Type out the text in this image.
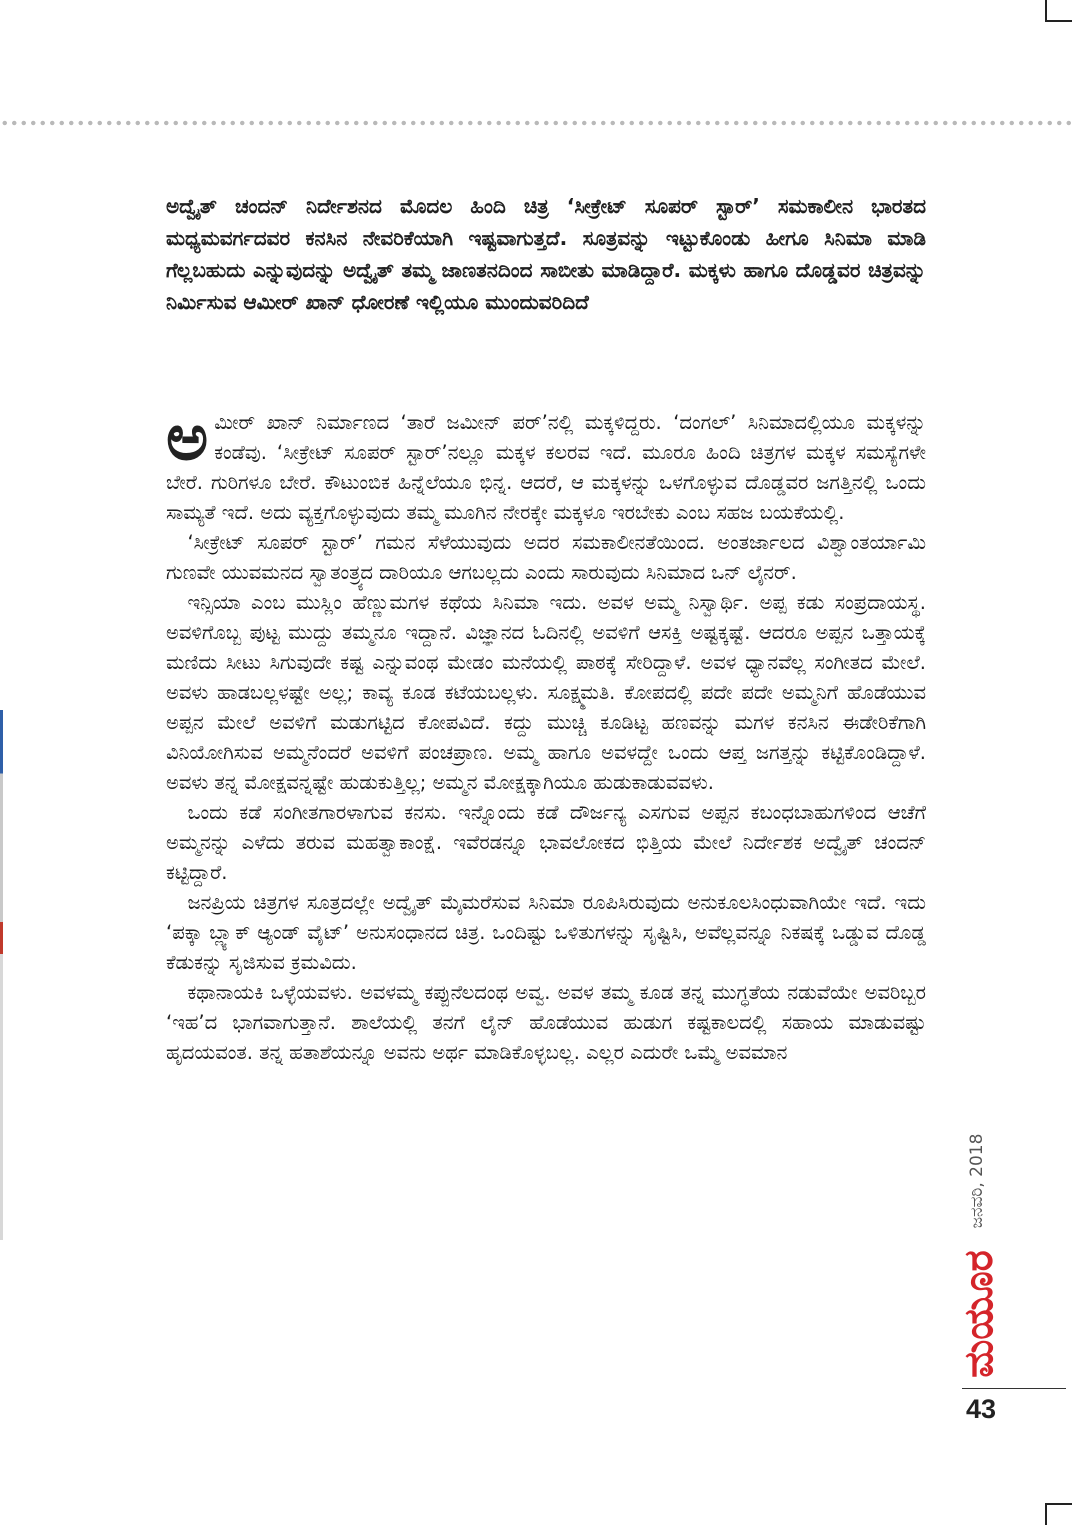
ಅದ್ವೈತ್ ಚಂದನ್ ನಿರ್ದೇಶನದ ಮೊದಲ ಹಿಂದಿ ಚಿತ್ರ ‘ಸೀಕ್ರೇಟ್ ಸೂಪರ್ ಸ್ಟಾರ್’ ಸಮಕಾಲೀನ ಭಾರತದ ಮಧ್ಯಮವರ್ಗದವರ ಕನಸಿನ ನೇವರಿಕೆಯಾಗಿ ಇಷ್ಟವಾಗುತ್ತದೆ. ಸೂತ್ರವನ್ನು ಇಟ್ಟುಕೊಂಡು ಹೀಗೂ ಸಿನಿಮಾ ಮಾಡಿ ಗೆಲ್ಲಬಹುದು ಎನ್ನುವುದನ್ನು ಅದ್ವೈತ್ ತಮ್ಮ ಜಾಣತನದಿಂದ ಸಾಬೀತು ಮಾಡಿದ್ದಾರೆ. ಮಕ್ಕಳು ಹಾಗೂ ದೊಡ್ಡವರ ಚಿತ್ರವನ್ನು ನಿರ್ಮಿಸುವ ಆಮೀರ್ ಖಾನ್ ಧೋರಣೆ ಇಲ್ಲಿಯೂ ಮುಂದುವರಿದಿದೆ

ಅಮೀರ್ ಖಾನ್ ನಿರ್ಮಾಣದ ‘ತಾರೆ ಜಮೀನ್ ಪರ್’ನಲ್ಲಿ ಮಕ್ಕಳಿದ್ದರು. ‘ದಂಗಲ್’ ಸಿನಿಮಾದಲ್ಲಿಯೂ ಮಕ್ಕಳನ್ನು ಕಂಡೆವು. ‘ಸೀಕ್ರೇಟ್ ಸೂಪರ್ ಸ್ಟಾರ್’ನಲ್ಲೂ ಮಕ್ಕಳ ಕಲರವ ಇದೆ. ಮೂರೂ ಹಿಂದಿ ಚಿತ್ರಗಳ ಮಕ್ಕಳ ಸಮಸ್ಯೆಗಳೇ ಬೇರೆ. ಗುರಿಗಳೂ ಬೇರೆ. ಕೌಟುಂಬಿಕ ಹಿನ್ನೆಲೆಯೂ ಭಿನ್ನ. ಆದರೆ, ಆ ಮಕ್ಕಳನ್ನು ಒಳಗೊಳ್ಳುವ ದೊಡ್ಡವರ ಜಗತ್ತಿನಲ್ಲಿ ಒಂದು ಸಾಮ್ಯತೆ ಇದೆ. ಅದು ವ್ಯಕ್ತಗೊಳ್ಳುವುದು ತಮ್ಮ ಮೂಗಿನ ನೇರಕ್ಕೇ ಮಕ್ಕಳೂ ಇರಬೇಕು ಎಂಬ ಸಹಜ ಬಯಕೆಯಲ್ಲಿ.

‘ಸೀಕ್ರೇಟ್ ಸೂಪರ್ ಸ್ಟಾರ್’ ಗಮನ ಸೆಳೆಯುವುದು ಅದರ ಸಮಕಾಲೀನತೆಯಿಂದ. ಅಂತರ್ಜಾಲದ ವಿಶ್ವಾಂತರ್ಯಾಮಿ ಗುಣವೇ ಯುವಮನದ ಸ್ವಾತಂತ್ರ್ಯದ ದಾರಿಯೂ ಆಗಬಲ್ಲದು ಎಂದು ಸಾರುವುದು ಸಿನಿಮಾದ ಒನ್ ಲೈನರ್.

ಇನ್ಸಿಯಾ ಎಂಬ ಮುಸ್ಲಿಂ ಹೆಣ್ಣುಮಗಳ ಕಥೆಯ ಸಿನಿಮಾ ಇದು. ಅವಳ ಅಮ್ಮ ನಿಸ್ವಾರ್ಥಿ. ಅಪ್ಪ ಕಡು ಸಂಪ್ರದಾಯಸ್ಥ. ಅವಳಿಗೊಬ್ಬ ಪುಟ್ಟ ಮುದ್ದು ತಮ್ಮನೂ ಇದ್ದಾನೆ. ವಿಜ್ಞಾನದ ಓದಿನಲ್ಲಿ ಅವಳಿಗೆ ಆಸಕ್ತಿ ಅಷ್ಟಕ್ಕಷ್ಟೆ. ಆದರೂ ಅಪ್ಪನ ಒತ್ತಾಯಕ್ಕೆ ಮಣಿದು ಸೀಟು ಸಿಗುವುದೇ ಕಷ್ಟ ಎನ್ನುವಂಥ ಮೇಡಂ ಮನೆಯಲ್ಲಿ ಪಾಠಕ್ಕೆ ಸೇರಿದ್ದಾಳೆ. ಅವಳ ಧ್ಯಾನವೆಲ್ಲ ಸಂಗೀತದ ಮೇಲೆ. ಅವಳು ಹಾಡಬಲ್ಲಳಷ್ಟೇ ಅಲ್ಲ; ಕಾವ್ಯ ಕೂಡ ಕಟೆಯಬಲ್ಲಳು. ಸೂಕ್ಷ್ಮಮತಿ. ಕೋಪದಲ್ಲಿ ಪದೇ ಪದೇ ಅಮ್ಮನಿಗೆ ಹೊಡೆಯುವ ಅಪ್ಪನ ಮೇಲೆ ಅವಳಿಗೆ ಮಡುಗಟ್ಟಿದ ಕೋಪವಿದೆ. ಕದ್ದು ಮುಚ್ಚಿ ಕೂಡಿಟ್ಟ ಹಣವನ್ನು ಮಗಳ ಕನಸಿನ ಈಡೇರಿಕೆಗಾಗಿ ವಿನಿಯೋಗಿಸುವ ಅಮ್ಮನೆಂದರೆ ಅವಳಿಗೆ ಪಂಚಪ್ರಾಣ. ಅಮ್ಮ ಹಾಗೂ ಅವಳದ್ದೇ ಒಂದು ಆಪ್ತ ಜಗತ್ತನ್ನು ಕಟ್ಟಿಕೊಂಡಿದ್ದಾಳೆ. ಅವಳು ತನ್ನ ಮೋಕ್ಷವನ್ನಷ್ಟೇ ಹುಡುಕುತ್ತಿಲ್ಲ; ಅಮ್ಮನ ಮೋಕ್ಷಕ್ಕಾಗಿಯೂ ಹುಡುಕಾಡುವವಳು.

ಒಂದು ಕಡೆ ಸಂಗೀತಗಾರಳಾಗುವ ಕನಸು. ಇನ್ನೊಂದು ಕಡೆ ದೌರ್ಜನ್ಯ ಎಸಗುವ ಅಪ್ಪನ ಕಬಂಧಬಾಹುಗಳಿಂದ ಆಚೆಗೆ ಅಮ್ಮನನ್ನು ಎಳೆದು ತರುವ ಮಹತ್ವಾಕಾಂಕ್ಷೆ. ಇವೆರಡನ್ನೂ ಭಾವಲೋಕದ ಭಿತ್ತಿಯ ಮೇಲೆ ನಿರ್ದೇಶಕ ಅದ್ವೈತ್ ಚಂದನ್ ಕಟ್ಟಿದ್ದಾರೆ.

ಜನಪ್ರಿಯ ಚಿತ್ರಗಳ ಸೂತ್ರದಲ್ಲೇ ಅದ್ವೈತ್ ಮೈಮರೆಸುವ ಸಿನಿಮಾ ರೂಪಿಸಿರುವುದು ಅನುಕೂಲಸಿಂಧುವಾಗಿಯೇ ಇದೆ. ಇದು ‘ಪಕ್ಕಾ ಬ್ಲ್ಯಾಕ್ ಆ್ಯಂಡ್ ವೈಟ್’ ಅನುಸಂಧಾನದ ಚಿತ್ರ. ಒಂದಿಷ್ಟು ಒಳಿತುಗಳನ್ನು ಸೃಷ್ಟಿಸಿ, ಅವೆಲ್ಲವನ್ನೂ ನಿಕಷಕ್ಕೆ ಒಡ್ಡುವ ದೊಡ್ಡ ಕೆಡುಕನ್ನು ಸೃಜಿಸುವ ಕ್ರಮವಿದು.

ಕಥಾನಾಯಕಿ ಒಳ್ಳೆಯವಳು. ಅವಳಮ್ಮ ಕಪ್ಪುನೆಲದಂಥ ಅವ್ವ. ಅವಳ ತಮ್ಮ ಕೂಡ ತನ್ನ ಮುಗ್ಧತೆಯ ನಡುವೆಯೇ ಅವರಿಬ್ಬರ ‘ಇಹ’ದ ಭಾಗವಾಗುತ್ತಾನೆ. ಶಾಲೆಯಲ್ಲಿ ತನಗೆ ಲೈನ್ ಹೊಡೆಯುವ ಹುಡುಗ ಕಷ್ಟಕಾಲದಲ್ಲಿ ಸಹಾಯ ಮಾಡುವಷ್ಟು ಹೃದಯವಂತ. ತನ್ನ ಹತಾಶೆಯನ್ನೂ ಅವನು ಅರ್ಥ ಮಾಡಿಕೊಳ್ಳಬಲ್ಲ. ಎಲ್ಲರ ಎದುರೇ ಒಮ್ಮೆ ಅವಮಾನ

ಜನವರಿ, 2018
ಮಯೂರ
43
